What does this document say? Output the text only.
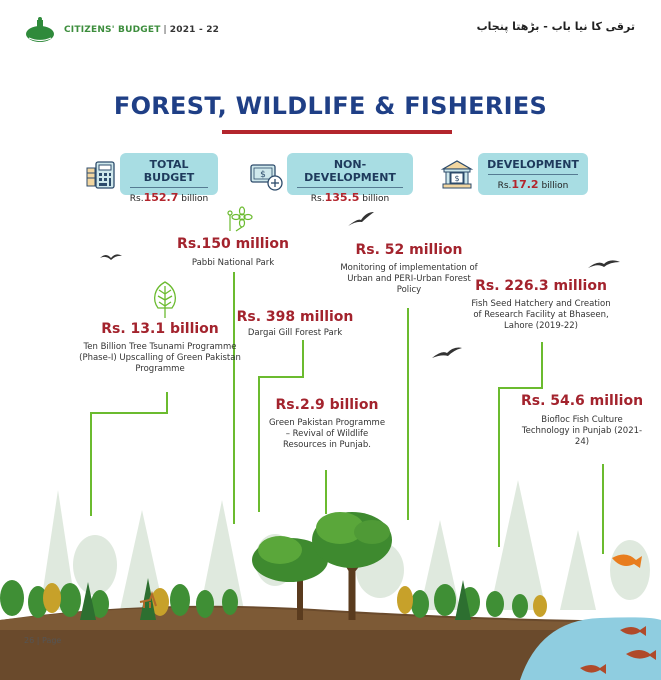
CITIZENS' BUDGET | 2021 - 22	ترقی کا نیا باب - بڑھتا پنجاب
FOREST, WILDLIFE & FISHERIES
TOTAL BUDGET
Rs.152.7 billion
$
NON-DEVELOPMENT
Rs.135.5 billion
$
DEVELOPMENT
Rs.17.2 billion
Rs.150 million
Pabbi National Park
Rs. 52 million
Monitoring of implementation of Urban and PERI-Urban Forest Policy	Rs. 226.3 million
Fish Seed Hatchery and Creation of Research Facility at Bhaseen, Lahore (2019-22)
Rs. 13.1 billion
Ten Billion Tree Tsunami Programme (Phase-I) Upscalling of Green Pakistan Programme
Rs. 398 million
Dargai Gill Forest Park
Rs.2.9 billion
Green Pakistan Programme – Revival of Wildlife Resources in Punjab.
Rs. 54.6 million
Biofloc Fish Culture Technology in Punjab (2021-24)
26 | Page
